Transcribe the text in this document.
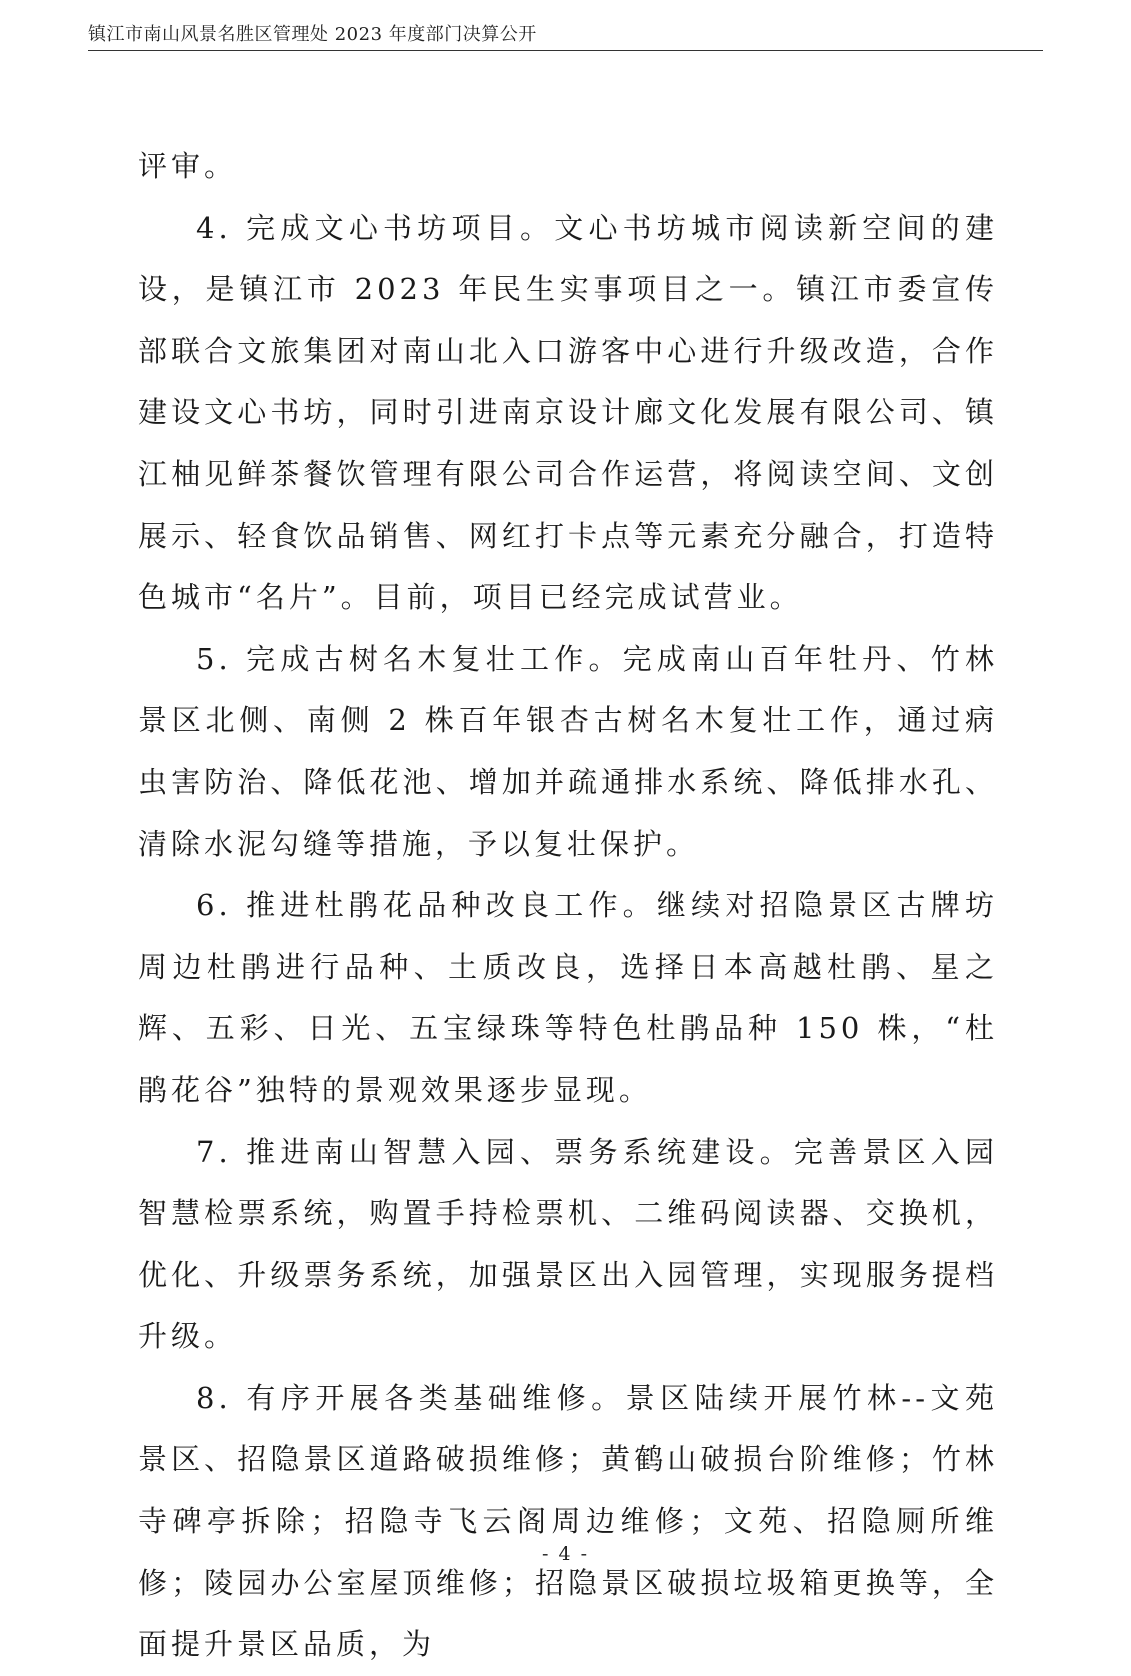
镇江市南山风景名胜区管理处 2023 年度部门决算公开

评审。

4. 完成文心书坊项目。文心书坊城市阅读新空间的建设，是镇江市 2023 年民生实事项目之一。镇江市委宣传部联合文旅集团对南山北入口游客中心进行升级改造，合作建设文心书坊，同时引进南京设计廊文化发展有限公司、镇江柚见鲜茶餐饮管理有限公司合作运营，将阅读空间、文创展示、轻食饮品销售、网红打卡点等元素充分融合，打造特色城市“名片”。目前，项目已经完成试营业。

5. 完成古树名木复壮工作。完成南山百年牡丹、竹林景区北侧、南侧 2 株百年银杏古树名木复壮工作，通过病虫害防治、降低花池、增加并疏通排水系统、降低排水孔、清除水泥勾缝等措施，予以复壮保护。

6. 推进杜鹃花品种改良工作。继续对招隐景区古牌坊周边杜鹃进行品种、土质改良，选择日本高越杜鹃、星之辉、五彩、日光、五宝绿珠等特色杜鹃品种 150 株，“杜鹃花谷”独特的景观效果逐步显现。

7. 推进南山智慧入园、票务系统建设。完善景区入园智慧检票系统，购置手持检票机、二维码阅读器、交换机，优化、升级票务系统，加强景区出入园管理，实现服务提档升级。

8. 有序开展各类基础维修。景区陆续开展竹林--文苑景区、招隐景区道路破损维修；黄鹤山破损台阶维修；竹林寺碑亭拆除；招隐寺飞云阁周边维修；文苑、招隐厕所维修；陵园办公室屋顶维修；招隐景区破损垃圾箱更换等，全面提升景区品质，为

- 4 -
